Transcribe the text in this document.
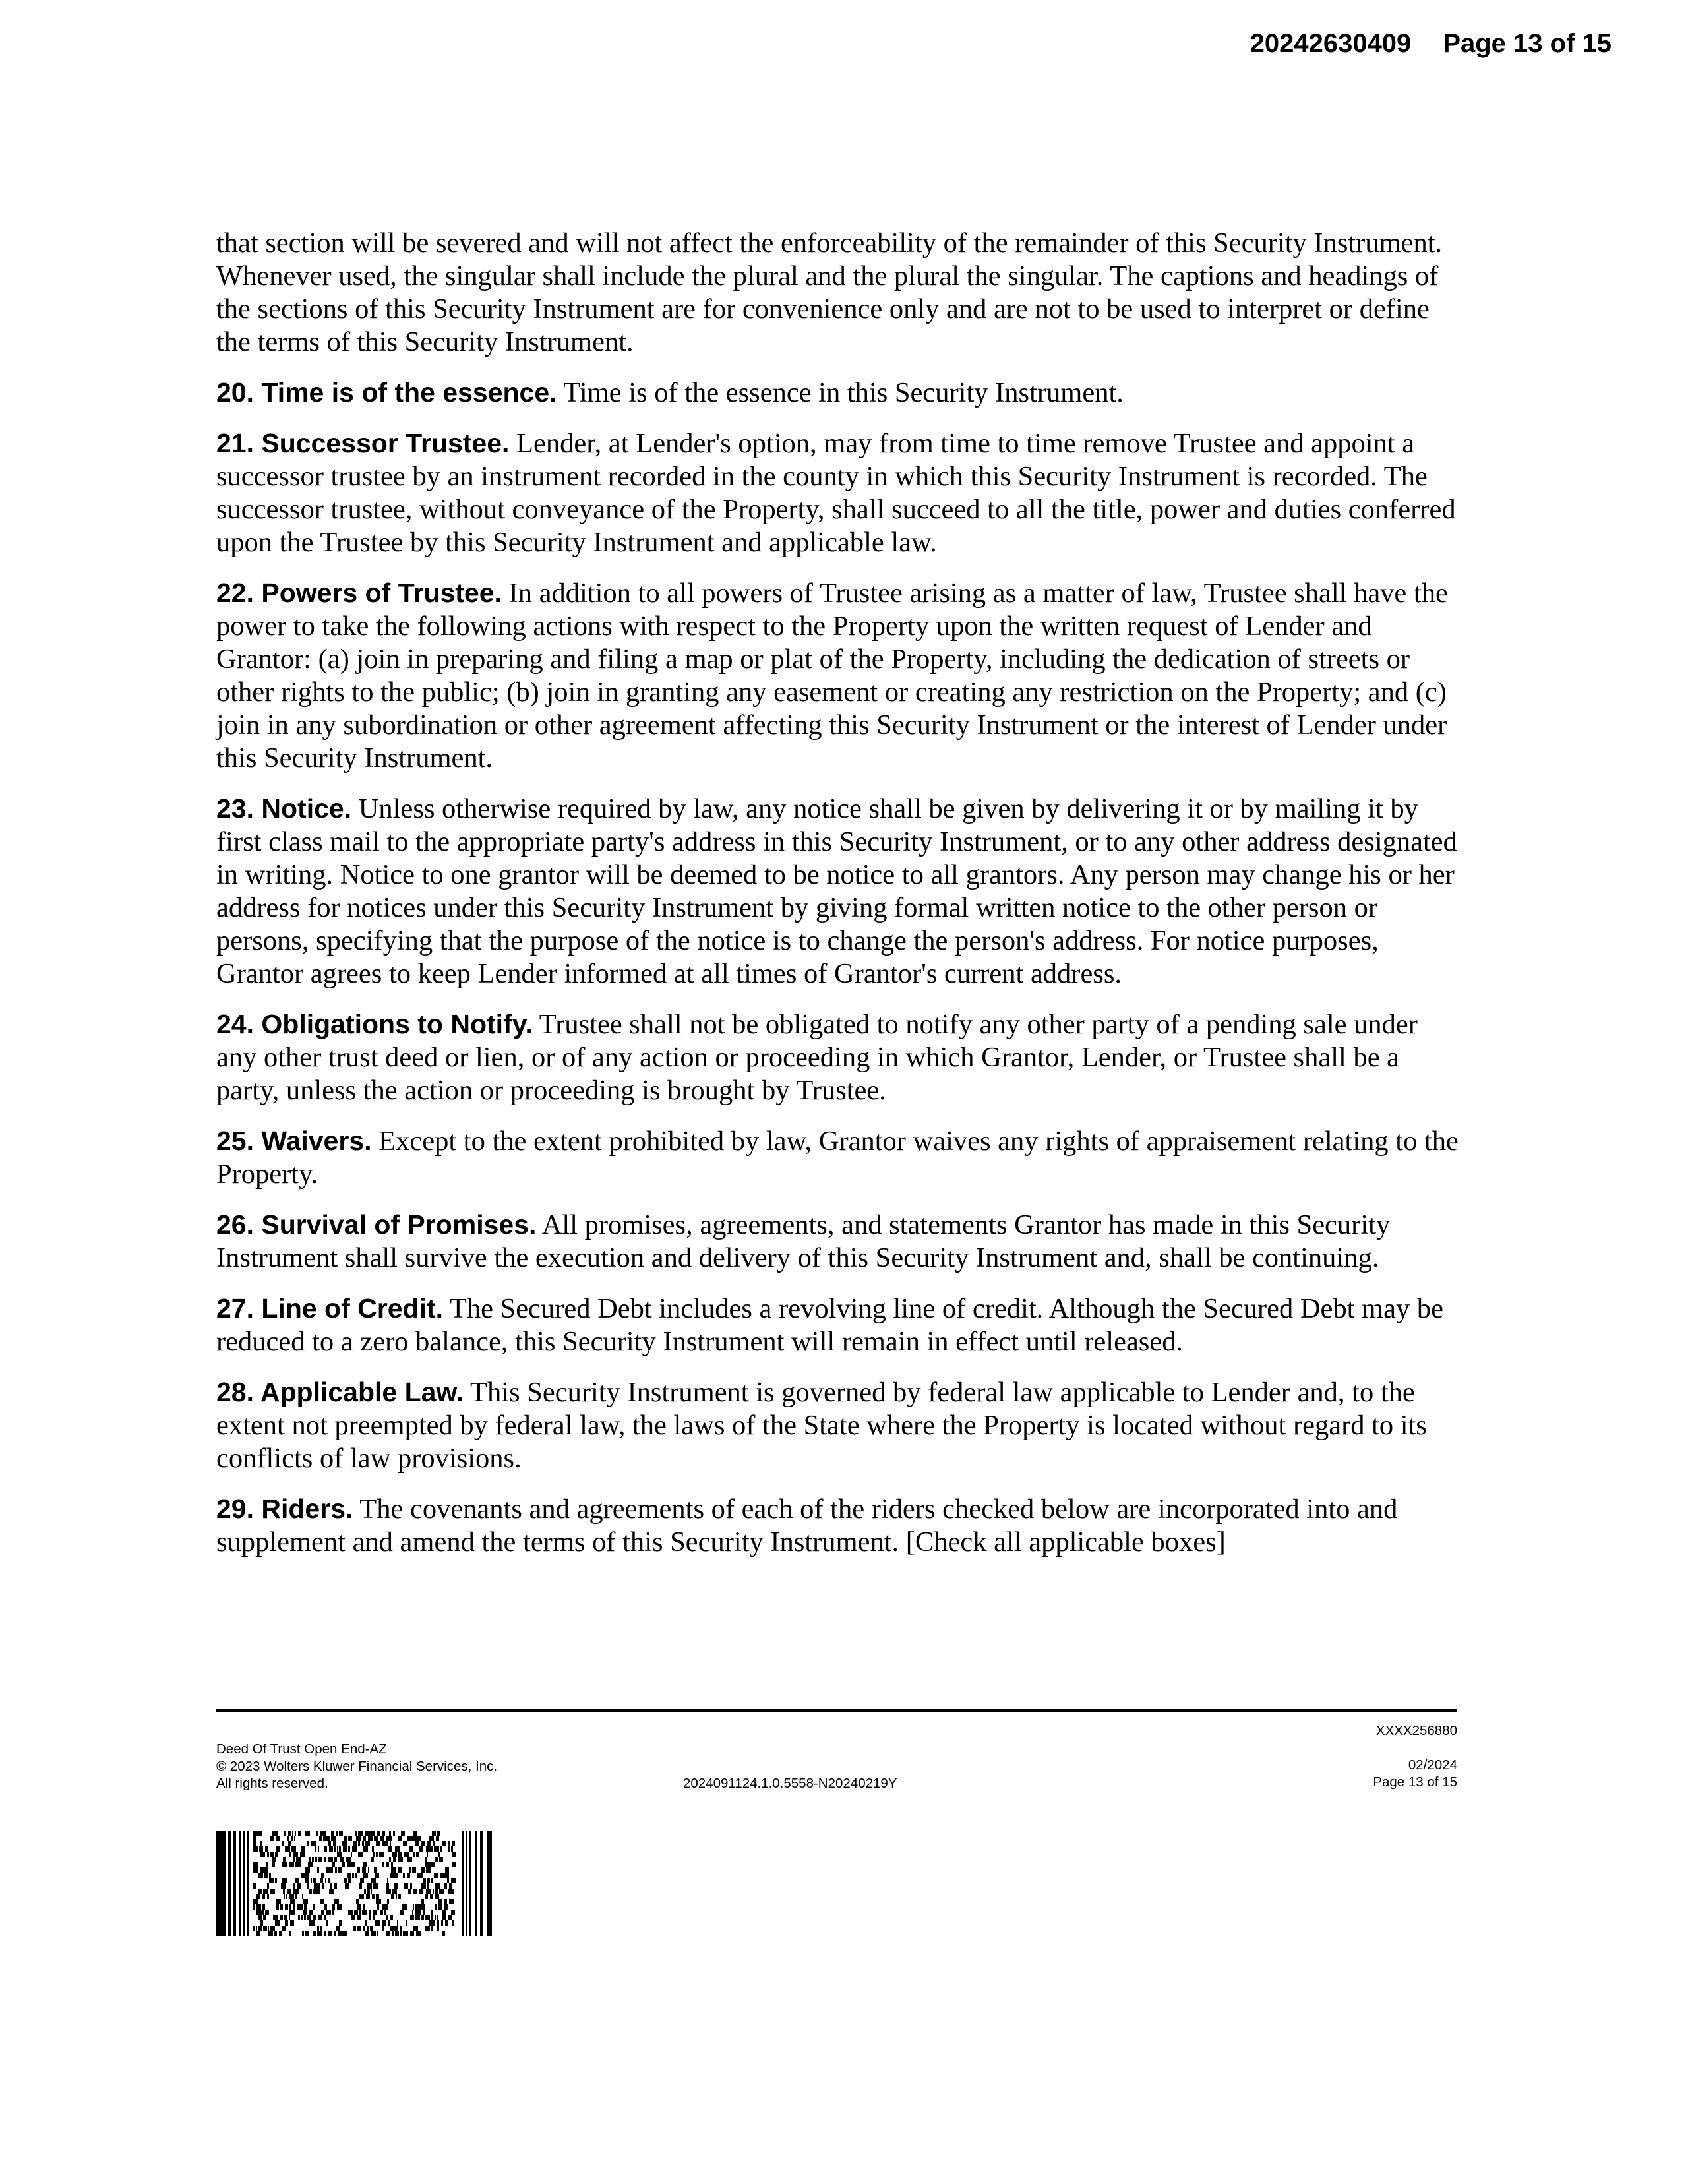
20242630409 Page 13 of 15

that section will be severed and will not affect the enforceability of the remainder of this Security Instrument. Whenever used, the singular shall include the plural and the plural the singular. The captions and headings of the sections of this Security Instrument are for convenience only and are not to be used to interpret or define the terms of this Security Instrument.

20. Time is of the essence. Time is of the essence in this Security Instrument.

21. Successor Trustee. Lender, at Lender's option, may from time to time remove Trustee and appoint a successor trustee by an instrument recorded in the county in which this Security Instrument is recorded. The successor trustee, without conveyance of the Property, shall succeed to all the title, power and duties conferred upon the Trustee by this Security Instrument and applicable law.

22. Powers of Trustee. In addition to all powers of Trustee arising as a matter of law, Trustee shall have the power to take the following actions with respect to the Property upon the written request of Lender and Grantor: (a) join in preparing and filing a map or plat of the Property, including the dedication of streets or other rights to the public; (b) join in granting any easement or creating any restriction on the Property; and (c) join in any subordination or other agreement affecting this Security Instrument or the interest of Lender under this Security Instrument.

23. Notice. Unless otherwise required by law, any notice shall be given by delivering it or by mailing it by first class mail to the appropriate party's address in this Security Instrument, or to any other address designated in writing. Notice to one grantor will be deemed to be notice to all grantors. Any person may change his or her address for notices under this Security Instrument by giving formal written notice to the other person or persons, specifying that the purpose of the notice is to change the person's address. For notice purposes, Grantor agrees to keep Lender informed at all times of Grantor's current address.

24. Obligations to Notify. Trustee shall not be obligated to notify any other party of a pending sale under any other trust deed or lien, or of any action or proceeding in which Grantor, Lender, or Trustee shall be a party, unless the action or proceeding is brought by Trustee.

25. Waivers. Except to the extent prohibited by law, Grantor waives any rights of appraisement relating to the Property.

26. Survival of Promises. All promises, agreements, and statements Grantor has made in this Security Instrument shall survive the execution and delivery of this Security Instrument and, shall be continuing.

27. Line of Credit. The Secured Debt includes a revolving line of credit. Although the Secured Debt may be reduced to a zero balance, this Security Instrument will remain in effect until released.

28. Applicable Law. This Security Instrument is governed by federal law applicable to Lender and, to the extent not preempted by federal law, the laws of the State where the Property is located without regard to its conflicts of law provisions.

29. Riders. The covenants and agreements of each of the riders checked below are incorporated into and supplement and amend the terms of this Security Instrument. [Check all applicable boxes]

Deed Of Trust Open End-AZ
© 2023 Wolters Kluwer Financial Services, Inc.
All rights reserved.	2024091124.1.0.5558-N20240219Y
XXXX256880
02/2024
Page 13 of 15
